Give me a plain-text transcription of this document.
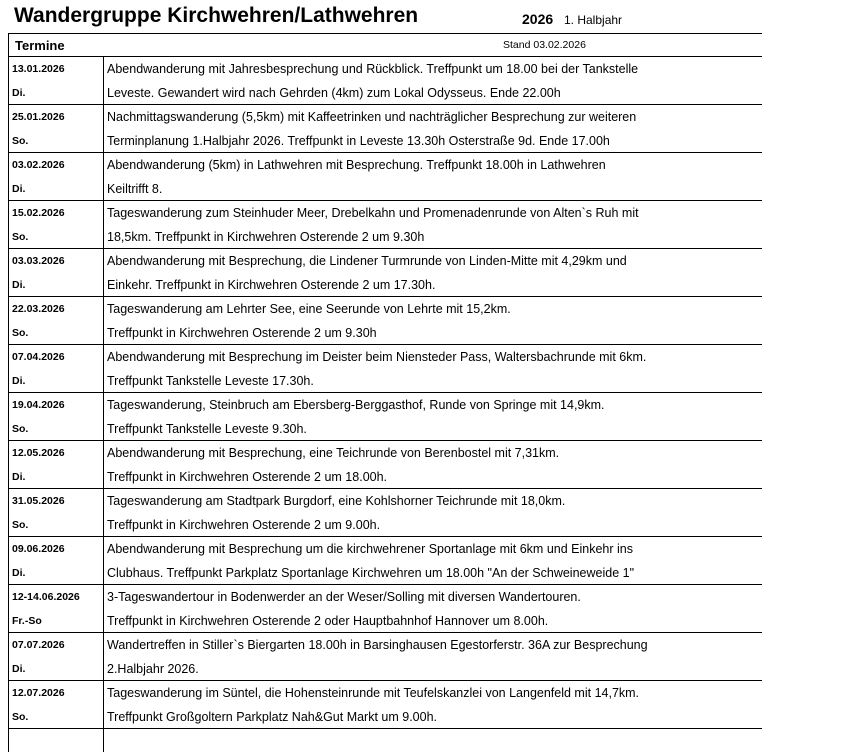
Wandergruppe Kirchwehren/Lathwehren	2026 1. Halbjahr
Termine	Stand 03.02.2026
13.01.2026	Abendwanderung mit Jahresbesprechung und Rückblick. Treffpunkt um 18.00 bei der Tankstelle
Di.	Leveste. Gewandert wird nach Gehrden (4km) zum Lokal Odysseus. Ende 22.00h
25.01.2026	Nachmittagswanderung (5,5km) mit Kaffeetrinken und nachträglicher Besprechung zur weiteren
So.	Terminplanung 1.Halbjahr 2026. Treffpunkt in Leveste 13.30h Osterstraße 9d. Ende 17.00h
03.02.2026	Abendwanderung (5km) in Lathwehren mit Besprechung. Treffpunkt 18.00h in Lathwehren
Di.	Keiltrifft 8.
15.02.2026	Tageswanderung zum Steinhuder Meer, Drebelkahn und Promenadenrunde von Alten`s Ruh mit
So.	18,5km. Treffpunkt in Kirchwehren Osterende 2 um 9.30h
03.03.2026	Abendwanderung mit Besprechung, die Lindener Turmrunde von Linden-Mitte mit 4,29km und
Di.	Einkehr. Treffpunkt in Kirchwehren Osterende 2 um 17.30h.
22.03.2026	Tageswanderung am Lehrter See, eine Seerunde von Lehrte mit 15,2km.
So.	Treffpunkt in Kirchwehren Osterende 2 um 9.30h
07.04.2026	Abendwanderung mit Besprechung im Deister beim Niensteder Pass, Waltersbachrunde mit 6km.
Di.	Treffpunkt Tankstelle Leveste 17.30h.
19.04.2026	Tageswanderung, Steinbruch am Ebersberg-Berggasthof, Runde von Springe mit 14,9km.
So.	Treffpunkt Tankstelle Leveste 9.30h.
12.05.2026	Abendwanderung mit Besprechung, eine Teichrunde von Berenbostel mit 7,31km.
Di.	Treffpunkt in Kirchwehren Osterende 2 um 18.00h.
31.05.2026	Tageswanderung am Stadtpark Burgdorf, eine Kohlshorner Teichrunde mit 18,0km.
So.	Treffpunkt in Kirchwehren Osterende 2 um 9.00h.
09.06.2026	Abendwanderung mit Besprechung um die kirchwehrener Sportanlage mit 6km und Einkehr ins
Di.	Clubhaus. Treffpunkt Parkplatz Sportanlage Kirchwehren um 18.00h "An der Schweineweide 1"
12-14.06.2026	3-Tageswandertour in Bodenwerder an der Weser/Solling mit diversen Wandertouren.
Fr.-So	Treffpunkt in Kirchwehren Osterende 2 oder Hauptbahnhof Hannover um 8.00h.
07.07.2026	Wandertreffen in Stiller`s Biergarten 18.00h in Barsinghausen Egestorferstr. 36A zur Besprechung
Di.	2.Halbjahr 2026.
12.07.2026	Tageswanderung im Süntel, die Hohensteinrunde mit Teufelskanzlei von Langenfeld mit 14,7km.
So.	Treffpunkt Großgoltern Parkplatz Nah&Gut Markt um 9.00h.
